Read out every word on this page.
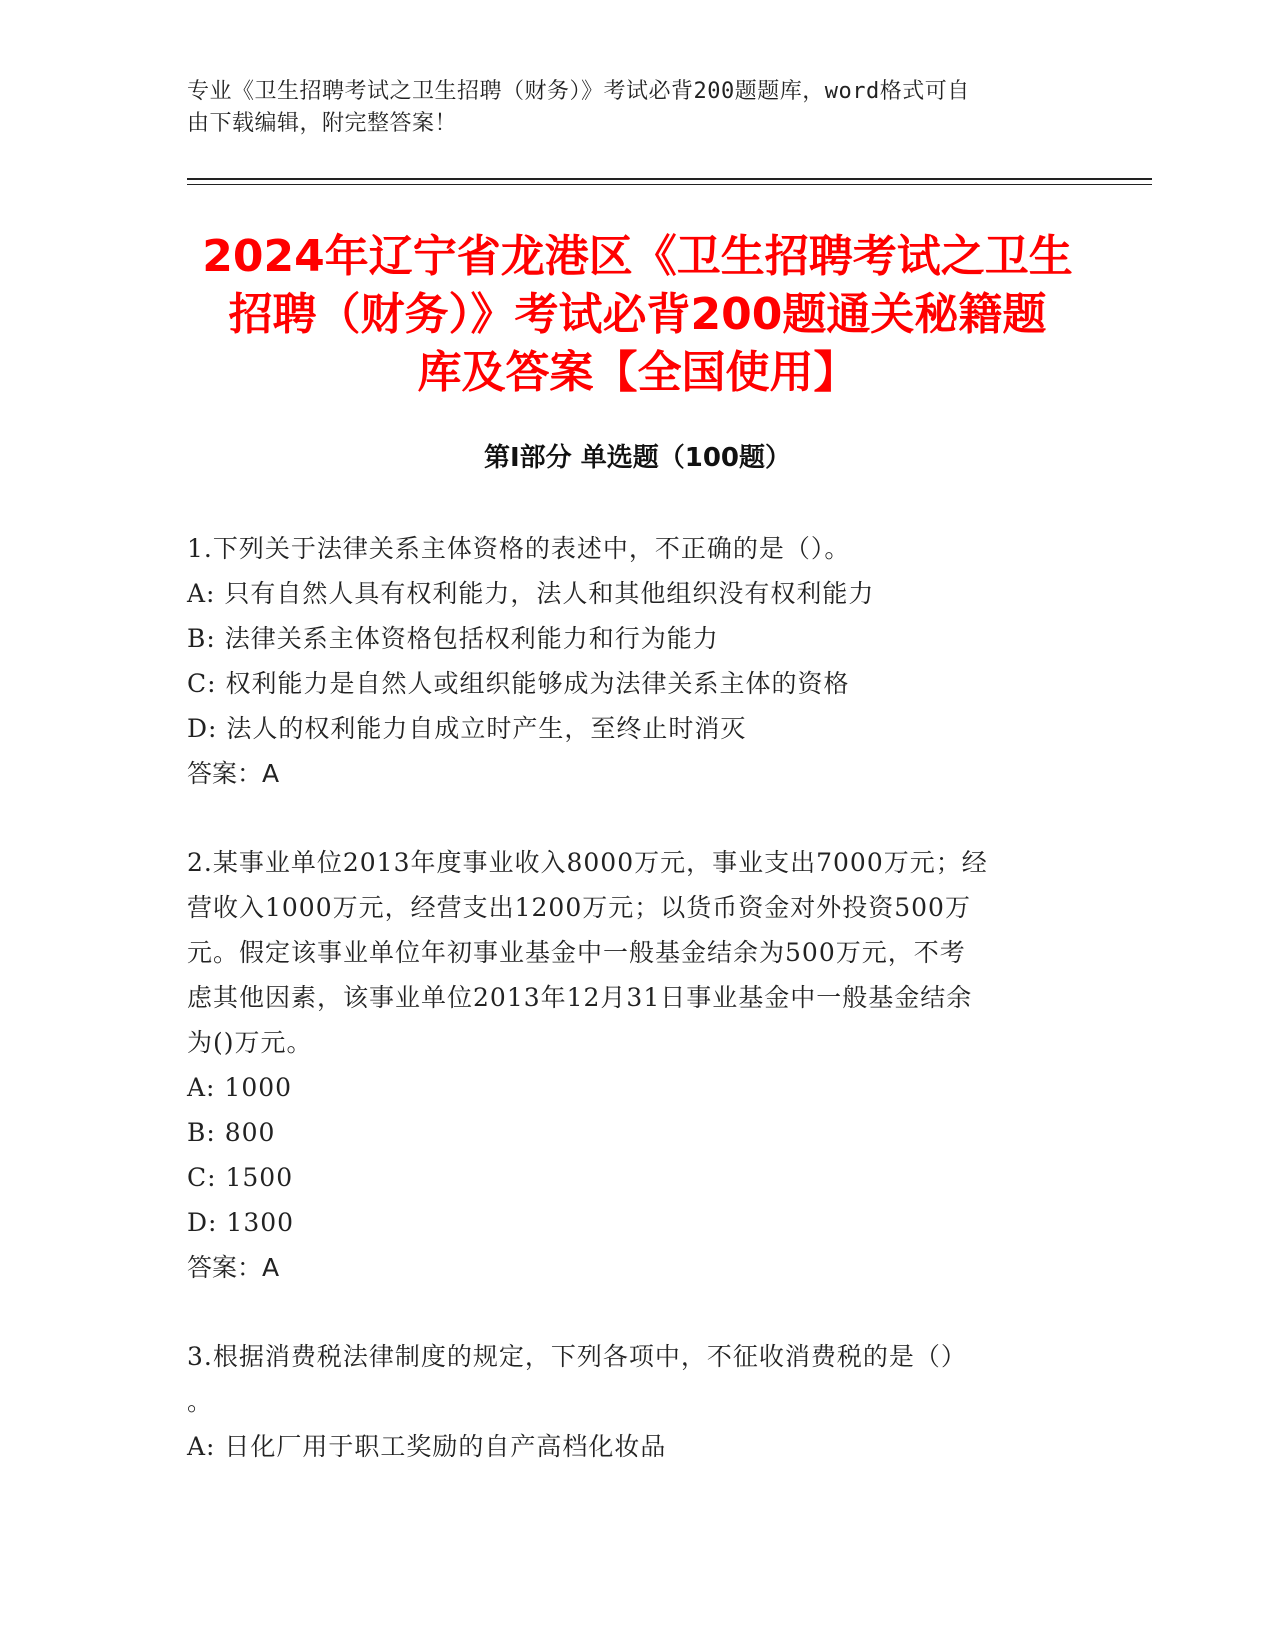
专业《卫生招聘考试之卫生招聘（财务）》考试必背200题题库，word格式可自
由下载编辑，附完整答案！
2024年辽宁省龙港区《卫生招聘考试之卫生
招聘（财务）》考试必背200题通关秘籍题
库及答案【全国使用】
第I部分 单选题（100题）
1.下列关于法律关系主体资格的表述中，不正确的是（）。
A: 只有自然人具有权利能力，法人和其他组织没有权利能力
B: 法律关系主体资格包括权利能力和行为能力
C: 权利能力是自然人或组织能够成为法律关系主体的资格
D: 法人的权利能力自成立时产生，至终止时消灭
答案：A
2.某事业单位2013年度事业收入8000万元，事业支出7000万元；经
营收入1000万元，经营支出1200万元；以货币资金对外投资500万
元。假定该事业单位年初事业基金中一般基金结余为500万元，不考
虑其他因素，该事业单位2013年12月31日事业基金中一般基金结余
为()万元。
A: 1000
B: 800
C: 1500
D: 1300
答案：A
3.根据消费税法律制度的规定，下列各项中，不征收消费税的是（）
。
A: 日化厂用于职工奖励的自产高档化妆品
